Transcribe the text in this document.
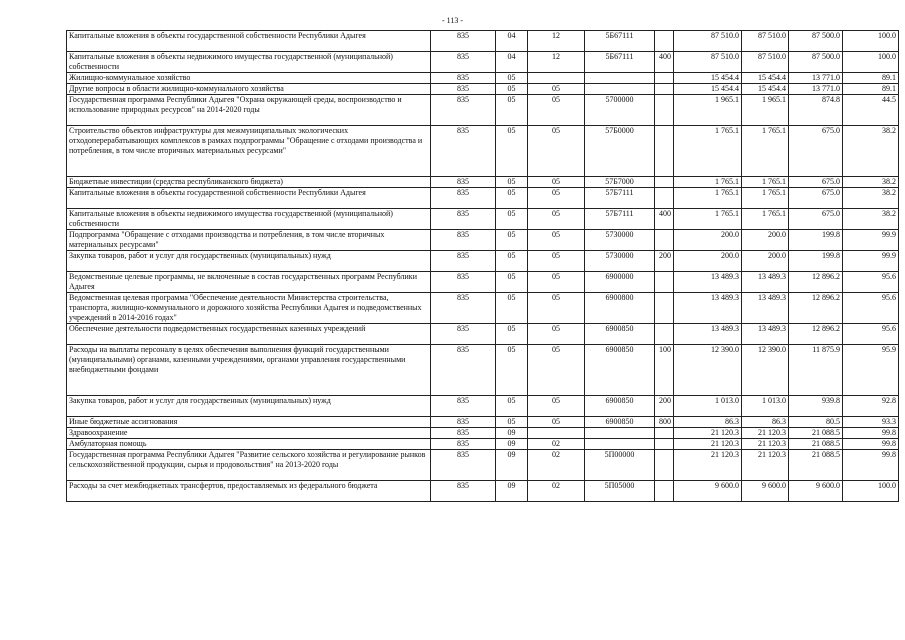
- 113 -
Капитальные вложения в объекты государственной собственности Республики Адыгея	835	04	12	5Б67111		87 510.0	87 510.0	87 500.0	100.0
Капитальные вложения в объекты недвижимого имущества государственной (муниципальной) собственности	835	04	12	5Б67111	400	87 510.0	87 510.0	87 500.0	100.0
Жилищно-коммунальное хозяйство	835	05				15 454.4	15 454.4	13 771.0	89.1
Другие вопросы в области жилищно-коммунального хозяйства	835	05	05			15 454.4	15 454.4	13 771.0	89.1
Государственная программа Республики Адыгея "Охрана окружающей среды, воспроизводство и использование природных ресурсов" на 2014-2020 годы	835	05	05	5700000		1 965.1	1 965.1	874.8	44.5
Строительство объектов инфраструктуры для межмуниципальных экологических отходоперерабатывающих комплексов в рамках подпрограммы "Обращение с отходами производства и потребления, в том числе вторичных материальных ресурсами"	835	05	05	57Б0000		1 765.1	1 765.1	675.0	38.2
Бюджетные инвестиции (средства республиканского бюджета)	835	05	05	57Б7000		1 765.1	1 765.1	675.0	38.2
Капитальные вложения в объекты государственной собственности Республики Адыгея	835	05	05	57Б7111		1 765.1	1 765.1	675.0	38.2
Капитальные вложения в объекты недвижимого имущества государственной (муниципальной) собственности	835	05	05	57Б7111	400	1 765.1	1 765.1	675.0	38.2
Подпрограмма "Обращение с отходами производства и потребления, в том числе вторичных материальных ресурсами"	835	05	05	5730000		200.0	200.0	199.8	99.9
Закупка товаров, работ и услуг для государственных (муниципальных) нужд	835	05	05	5730000	200	200.0	200.0	199.8	99.9
Ведомственные целевые программы, не включенные в состав государственных программ Республики Адыгея	835	05	05	6900000		13 489.3	13 489.3	12 896.2	95.6
Ведомственная целевая программа "Обеспечение деятельности Министерства строительства, транспорта, жилищно-коммунального и дорожного хозяйства Республики Адыгея и подведомственных учреждений в 2014-2016 годах"	835	05	05	6900800		13 489.3	13 489.3	12 896.2	95.6
Обеспечение деятельности подведомственных государственных казенных учреждений	835	05	05	6900850		13 489.3	13 489.3	12 896.2	95.6
Расходы на выплаты персоналу в целях обеспечения выполнения функций государственными (муниципальными) органами, казенными учреждениями, органами управления государственными внебюджетными фондами	835	05	05	6900850	100	12 390.0	12 390.0	11 875.9	95.9
Закупка товаров, работ и услуг для государственных (муниципальных) нужд	835	05	05	6900850	200	1 013.0	1 013.0	939.8	92.8
Иные бюджетные ассигнования	835	05	05	6900850	800	86.3	86.3	80.5	93.3
Здравоохранение	835	09				21 120.3	21 120.3	21 088.5	99.8
Амбулаторная помощь	835	09	02			21 120.3	21 120.3	21 088.5	99.8
Государственная программа Республики Адыгея "Развитие сельского хозяйства и регулирование рынков сельскохозяйственной продукции, сырья и продовольствия" на 2013-2020 годы	835	09	02	5П00000		21 120.3	21 120.3	21 088.5	99.8
Расходы за счет межбюджетных трансфертов, предоставляемых из федерального бюджета	835	09	02	5П05000		9 600.0	9 600.0	9 600.0	100.0
